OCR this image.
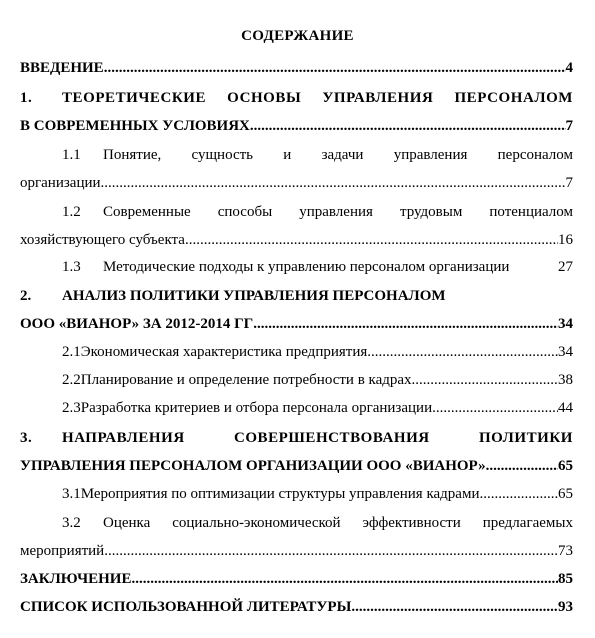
СОДЕРЖАНИЕ
ВВЕДЕНИЕ .....	4
1. ТЕОРЕТИЧЕСКИЕ ОСНОВЫ УПРАВЛЕНИЯ ПЕРСОНАЛОМ
В СОВРЕМЕННЫХ УСЛОВИЯХ .....	7
1.1 Понятие, сущность и задачи управления персоналом
организации .....	7
1.2 Современные способы управления трудовым потенциалом
хозяйствующего субъекта .....	16
1.3	Методические подходы к управлению персоналом организации	27
2. АНАЛИЗ ПОЛИТИКИ УПРАВЛЕНИЯ ПЕРСОНАЛОМ
ООО «ВИАНОР» ЗА 2012-2014 ГГ .....	34
2.1 Экономическая характеристика предприятия .....	34
2.2 Планирование и определение потребности в кадрах .....	38
2.3 Разработка критериев и отбора персонала организации .....	44
3. НАПРАВЛЕНИЯ СОВЕРШЕНСТВОВАНИЯ ПОЛИТИКИ
УПРАВЛЕНИЯ ПЕРСОНАЛОМ ОРГАНИЗАЦИИ ООО «ВИАНОР» .....	65
3.1 Мероприятия по оптимизации структуры управления кадрами .....	65
3.2 Оценка социально-экономической эффективности предлагаемых
мероприятий .....	73
ЗАКЛЮЧЕНИЕ .....	85
СПИСОК ИСПОЛЬЗОВАННОЙ ЛИТЕРАТУРЫ .....	93
